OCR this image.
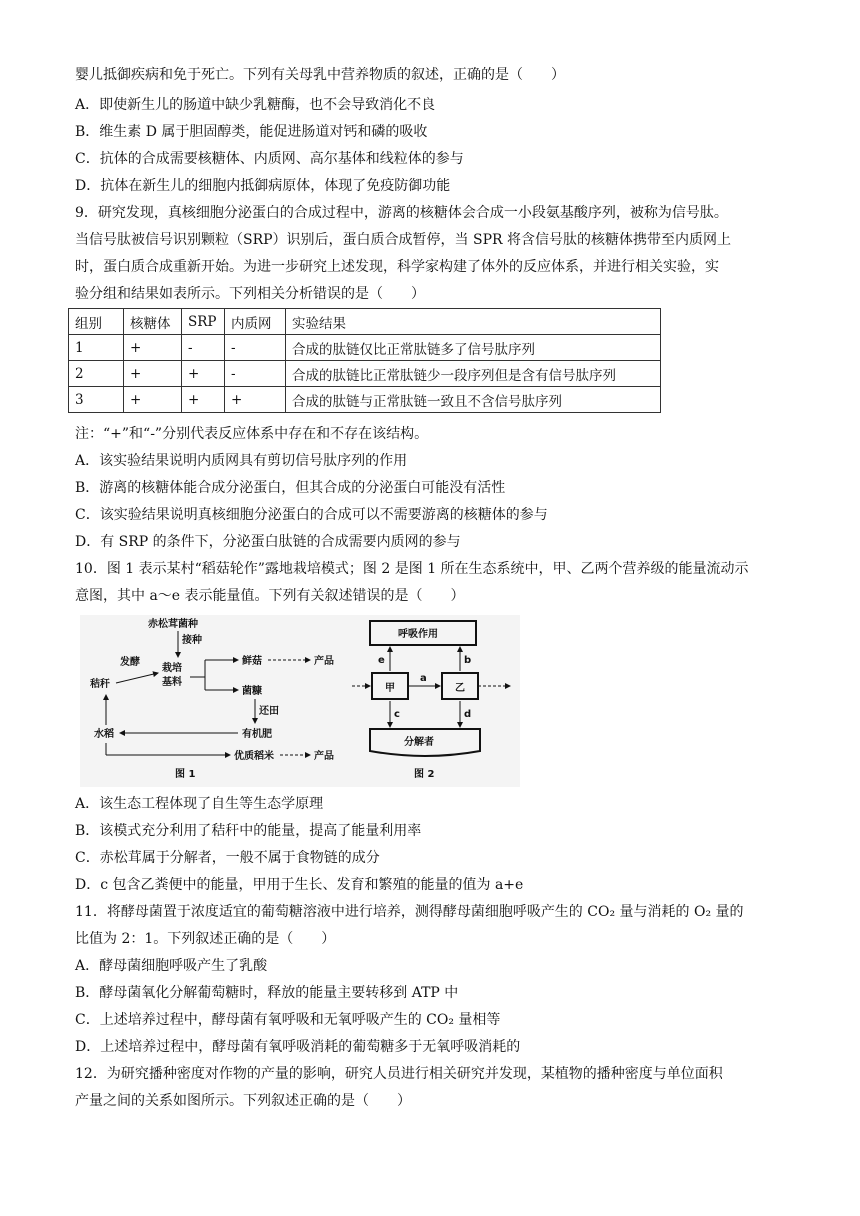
婴儿抵御疾病和免于死亡。下列有关母乳中营养物质的叙述，正确的是（　　）
A．即使新生儿的肠道中缺少乳糖酶，也不会导致消化不良
B．维生素 D 属于胆固醇类，能促进肠道对钙和磷的吸收
C．抗体的合成需要核糖体、内质网、高尔基体和线粒体的参与
D．抗体在新生儿的细胞内抵御病原体，体现了免疫防御功能
9．研究发现，真核细胞分泌蛋白的合成过程中，游离的核糖体会合成一小段氨基酸序列，被称为信号肽。
当信号肽被信号识别颗粒（SRP）识别后，蛋白质合成暂停，当 SPR 将含信号肽的核糖体携带至内质网上
时，蛋白质合成重新开始。为进一步研究上述发现，科学家构建了体外的反应体系，并进行相关实验，实
验分组和结果如表所示。下列相关分析错误的是（　　）
组别	核糖体	SRP	内质网	实验结果
1	+	-	-	合成的肽链仅比正常肽链多了信号肽序列
2	+	+	-	合成的肽链比正常肽链少一段序列但是含有信号肽序列
3	+	+	+	合成的肽链与正常肽链一致且不含信号肽序列
注：“+”和“-”分别代表反应体系中存在和不存在该结构。
A．该实验结果说明内质网具有剪切信号肽序列的作用
B．游离的核糖体能合成分泌蛋白，但其合成的分泌蛋白可能没有活性
C．该实验结果说明真核细胞分泌蛋白的合成可以不需要游离的核糖体的参与
D．有 SRP 的条件下，分泌蛋白肽链的合成需要内质网的参与
10．图 1 表示某村“稻菇轮作”露地栽培模式；图 2 是图 1 所在生态系统中，甲、乙两个营养级的能量流动示
意图，其中 a～e 表示能量值。下列有关叙述错误的是（　　）
赤松茸菌种
接种
发酵
秸秆
栽培
基料
鲜菇	产品
菌糠
还田
有机肥
水稻
优质稻米	产品
图 1
呼吸作用
甲	乙
a
e	b
c	d
分解者
图 2
A．该生态工程体现了自生等生态学原理
B．该模式充分利用了秸秆中的能量，提高了能量利用率
C．赤松茸属于分解者，一般不属于食物链的成分
D．c 包含乙粪便中的能量，甲用于生长、发育和繁殖的能量的值为 a+e
11．将酵母菌置于浓度适宜的葡萄糖溶液中进行培养，测得酵母菌细胞呼吸产生的 CO₂ 量与消耗的 O₂ 量的
比值为 2：1。下列叙述正确的是（　　）
A．酵母菌细胞呼吸产生了乳酸
B．酵母菌氧化分解葡萄糖时，释放的能量主要转移到 ATP 中
C．上述培养过程中，酵母菌有氧呼吸和无氧呼吸产生的 CO₂ 量相等
D．上述培养过程中，酵母菌有氧呼吸消耗的葡萄糖多于无氧呼吸消耗的
12．为研究播种密度对作物的产量的影响，研究人员进行相关研究并发现，某植物的播种密度与单位面积
产量之间的关系如图所示。下列叙述正确的是（　　）
